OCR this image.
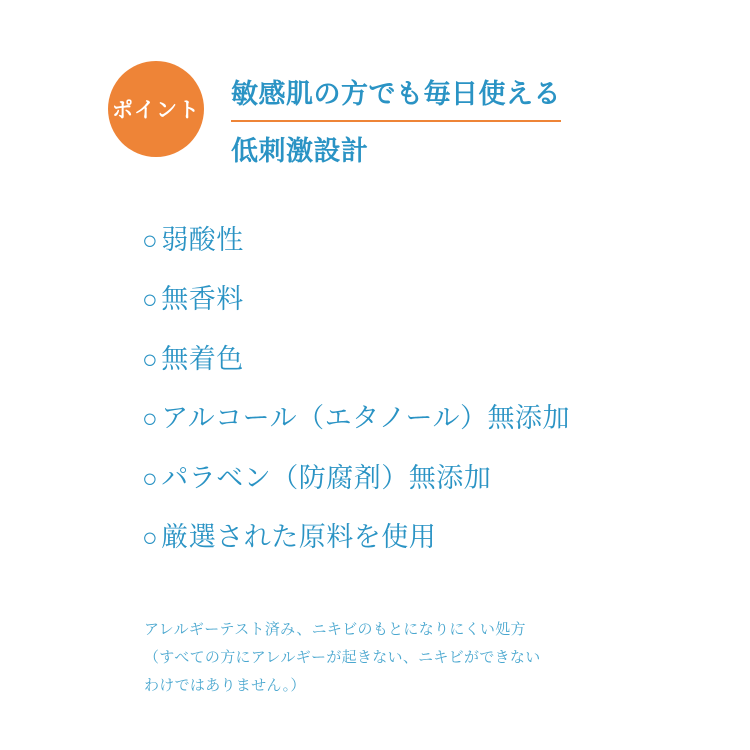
ポイント
敏感肌の方でも毎日使える
低刺激設計
○ 弱酸性
○ 無香料
○ 無着色
○ アルコール（エタノール）無添加
○ パラベン（防腐剤）無添加
○ 厳選された原料を使用
アレルギーテスト済み、ニキビのもとになりにくい処方
（すべての方にアレルギーが起きない、ニキビができない
わけではありません。）
